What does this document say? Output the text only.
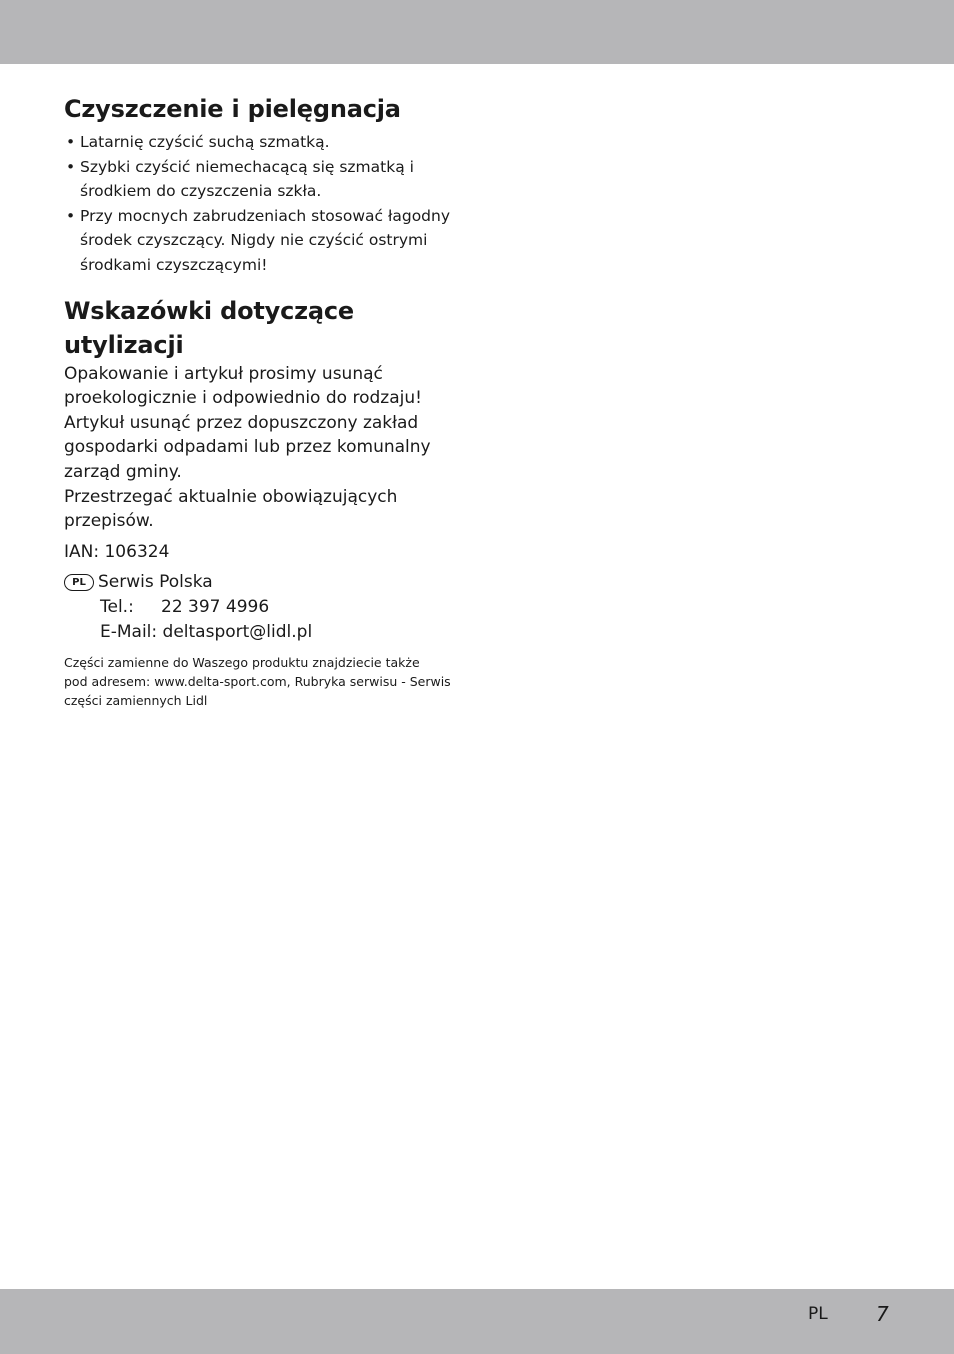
Czyszczenie i pielęgnacja
• Latarnię czyścić suchą szmatką.
• Szybki czyścić niemechacącą się szmatką i środkiem do czyszczenia szkła.
• Przy mocnych zabrudzeniach stosować łagodny środek czyszczący. Nigdy nie czyścić ostrymi środkami czyszczącymi!
Wskazówki dotyczące
utylizacji
Opakowanie i artykuł prosimy usunąć
proekologicznie i odpowiednio do rodzaju!
Artykuł usunąć przez dopuszczony zakład
gospodarki odpadami lub przez komunalny
zarząd gminy.
Przestrzegać aktualnie obowiązujących
przepisów.
IAN: 106324
PL Serwis Polska
Tel.: 22 397 4996
E-Mail: deltasport@lidl.pl
Części zamienne do Waszego produktu znajdziecie także
pod adresem: www.delta-sport.com, Rubryka serwisu - Serwis
części zamiennych Lidl
PL 7
